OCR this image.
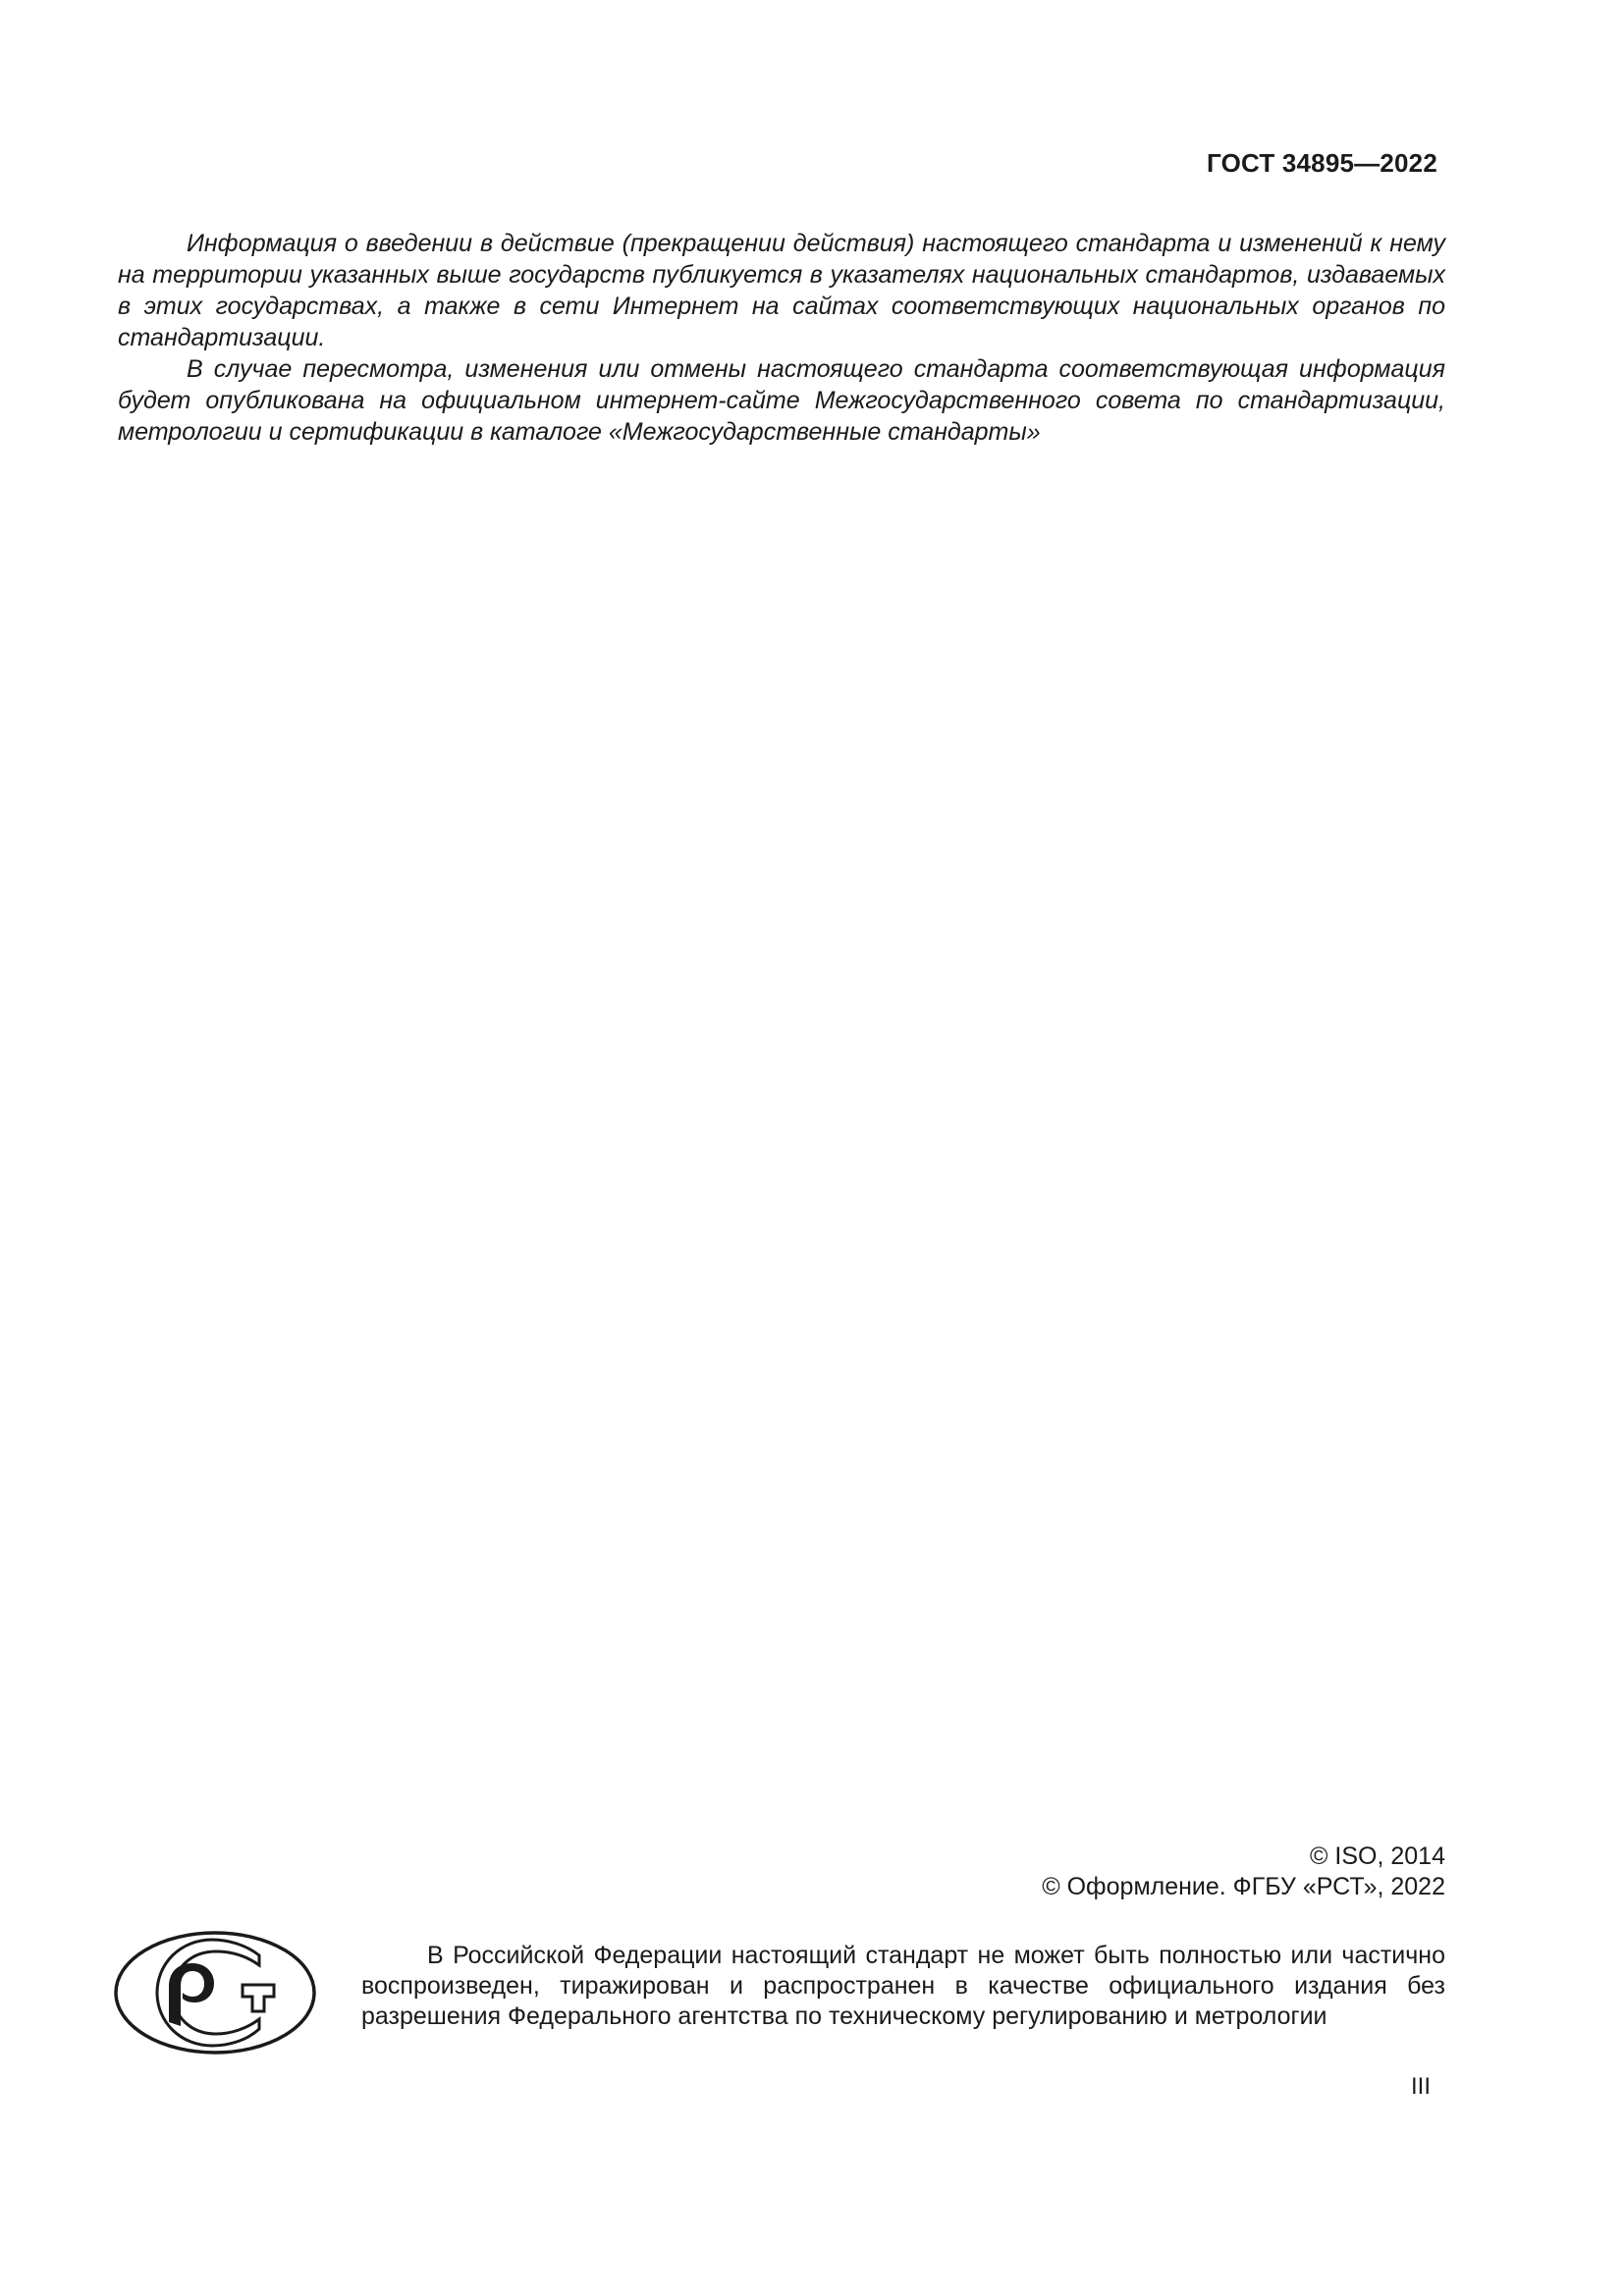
ГОСТ 34895—2022

Информация о введении в действие (прекращении действия) настоящего стандарта и изменений к нему на территории указанных выше государств публикуется в указателях национальных стандартов, издаваемых в этих государствах, а также в сети Интернет на сайтах соответствующих национальных органов по стандартизации.

В случае пересмотра, изменения или отмены настоящего стандарта соответствующая информация будет опубликована на официальном интернет-сайте Межгосударственного совета по стандартизации, метрологии и сертификации в каталоге «Межгосударственные стандарты»

© ISO, 2014
© Оформление. ФГБУ «РСТ», 2022

В Российской Федерации настоящий стандарт не может быть полностью или частично воспроизведен, тиражирован и распространен в качестве официального издания без разрешения Федерального агентства по техническому регулированию и метрологии

III
